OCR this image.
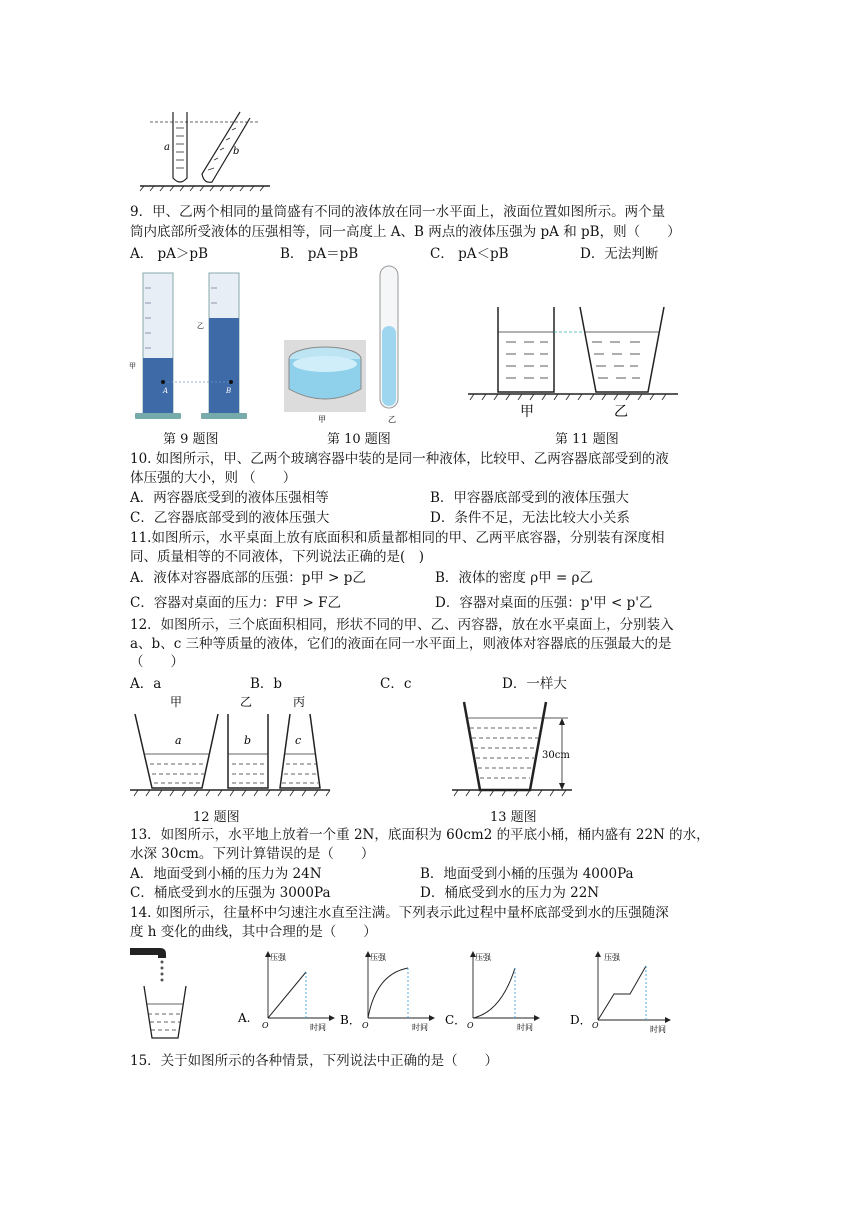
a	b
9．甲、乙两个相同的量筒盛有不同的液体放在同一水平面上，液面位置如图所示。两个量
筒内底部所受液体的压强相等，同一高度上 A、B 两点的液体压强为 pA 和 pB，则（　　）
A． pA＞pB	B． pA＝pB	C． pA＜pB	D．无法判断
A	B
甲
乙
第 9 题图
甲	乙
第 10 题图
甲	乙
第 11 题图
10. 如图所示，甲、乙两个玻璃容器中装的是同一种液体，比较甲、乙两容器底部受到的液
体压强的大小，则 （　　）
A．两容器底受到的液体压强相等	B．甲容器底部受到的液体压强大
C．乙容器底部受到的液体压强大	D．条件不足，无法比较大小关系
11.如图所示，水平桌面上放有底面积和质量都相同的甲、乙两平底容器，分别装有深度相
同、质量相等的不同液体，下列说法正确的是(　)
A．液体对容器底部的压强：p甲 > p乙	B．液体的密度 ρ甲 = ρ乙
C．容器对桌面的压力：F甲 > F乙	D．容器对桌面的压强：p'甲 < p'乙
12．如图所示，三个底面积相同，形状不同的甲、乙、丙容器，放在水平桌面上，分别装入
a、b、c 三种等质量的液体，它们的液面在同一水平面上，则液体对容器底的压强最大的是
（　　）
A．a	B．b	C．c	D．一样大
甲	乙	丙
a	b	c
12 题图
30cm
13 题图
13．如图所示，水平地上放着一个重 2N，底面积为 60cm2 的平底小桶，桶内盛有 22N 的水，
水深 30cm。下列计算错误的是（　　）
A．地面受到小桶的压力为 24N	B．地面受到小桶的压强为 4000Pa
C．桶底受到水的压强为 3000Pa	D．桶底受到水的压力为 22N
14. 如图所示，往量杯中匀速注水直至注满。下列表示此过程中量杯底部受到水的压强随深
度 h 变化的曲线，其中合理的是（　　）
压强
时间
O
A.
压强
时间
O
B．
压强
时间
O
C．
压强
时间
O
D．
15．关于如图所示的各种情景，下列说法中正确的是（　　）
